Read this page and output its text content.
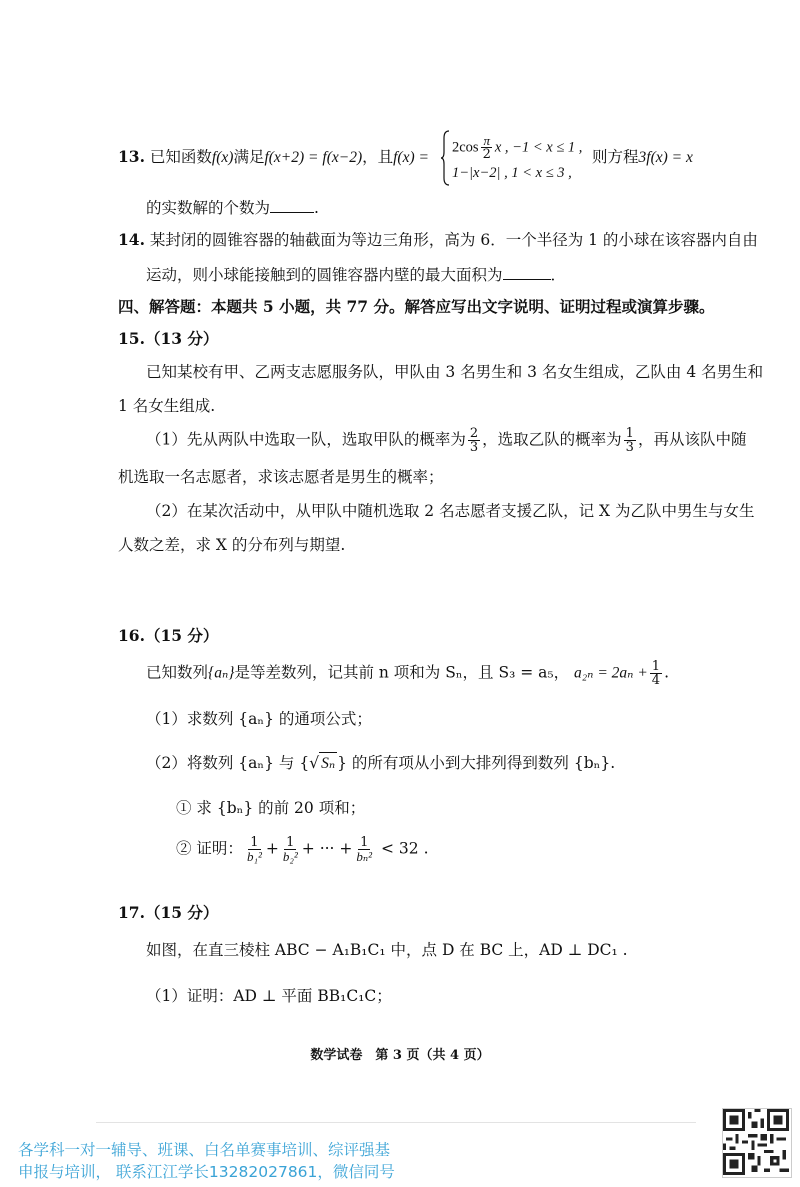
13. 已知函数f(x)满足f(x+2) = f(x−2)，且f(x) =
$2\cos \frac{\pi}{2}$ x , −1 < x ≤ 1 ,
1−|x−2| , 1 < x ≤ 3 ,
则方程3f(x) = x
的实数解的个数为	.
14. 某封闭的圆锥容器的轴截面为等边三角形，高为 6．一个半径为 1 的小球在该容器内自由
运动，则小球能接触到的圆锥容器内壁的最大面积为	．
四、解答题：本题共 5 小题，共 77 分。解答应写出文字说明、证明过程或演算步骤。
15.（13 分）
已知某校有甲、乙两支志愿服务队，甲队由 3 名男生和 3 名女生组成，乙队由 4 名男生和
1 名女生组成.
（1）先从两队中选取一队，选取甲队的概率为 $\frac{2}{3}$ ，选取乙队的概率为 $\frac{1}{3}$ ，再从该队中随
机选取一名志愿者，求该志愿者是男生的概率；
（2）在某次活动中，从甲队中随机选取 2 名志愿者支援乙队，记 X 为乙队中男生与女生
人数之差，求 X 的分布列与期望.
16.（15 分）
已知数列{aₙ}是等差数列，记其前 n 项和为 Sₙ，且 S₃ = a₅， $a_{2n} = 2a_n + \frac{1}{4}$ .
（1）求数列 {aₙ} 的通项公式；
（2）将数列 {aₙ} 与 {√ Sₙ } 的所有项从小到大排列得到数列 {bₙ}.
① 求 {bₙ} 的前 20 项和；
② 证明： $\frac{1}{\text{b₁²}} + \frac{1}{\text{b₂²}}$ + ··· + $\frac{1}{\text{bₙ²}} < 32$ .
17.（15 分）
如图，在直三棱柱 ABC − A₁B₁C₁ 中，点 D 在 BC 上，AD ⊥ DC₁ .
（1）证明：AD ⊥ 平面 BB₁C₁C；
数学试卷　第 3 页（共 4 页）
各学科一对一辅导、班课、白名单赛事培训、综评强基
申报与培训， 联系江江学长13282027861，微信同号
